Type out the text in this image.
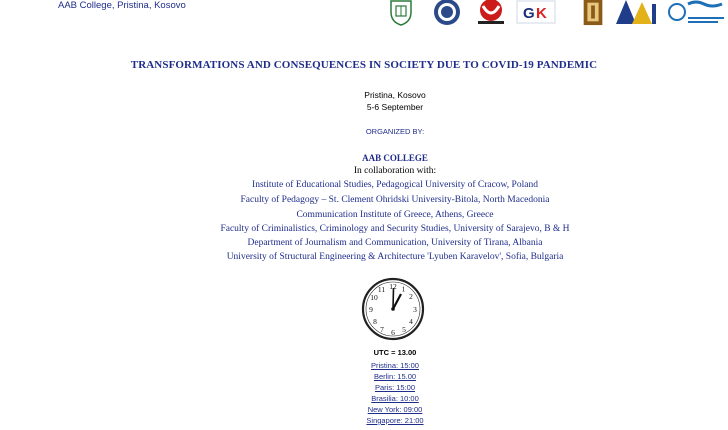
AAB College, Pristina, Kosovo	G K
TRANSFORMATIONS AND CONSEQUENCES IN SOCIETY DUE TO COVID-19 PANDEMIC
Pristina, Kosovo
5-6 September
ORGANIZED BY:
AAB COLLEGE
In collaboration with:
Institute of Educational Studies, Pedagogical University of Cracow, Poland
Faculty of Pedagogy – St. Clement Ohridski University-Bitola, North Macedonia
Communication Institute of Greece, Athens, Greece
Faculty of Criminalistics, Criminology and Security Studies, University of Sarajevo, B & H
Department of Journalism and Communication, University of Tirana, Albania
University of Structural Engineering & Architecture 'Lyuben Karavelov', Sofia, Bulgaria
12 1
2
3
4
5
6
7
8
9
10
11
UTC = 13.00
Pristina: 15:00
Berlin: 15.00
Paris: 15:00
Brasilia: 10:00
New York: 09:00
Singapore: 21:00
